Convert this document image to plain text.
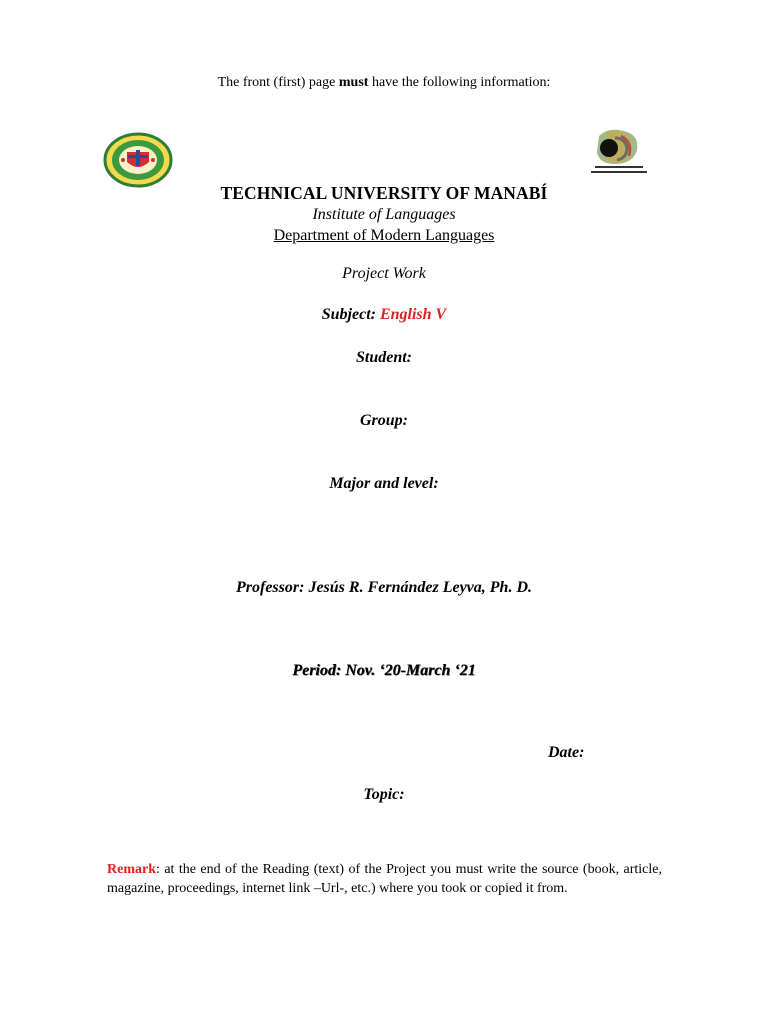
The front (first) page must have the following information:
TECHNICAL UNIVERSITY OF MANABÍ
Institute of Languages
Department of Modern Languages
Project Work
Subject: English V
Student:
Group:
Major and level:
Professor: Jesús R. Fernández Leyva, Ph. D.
Period: Nov. ‘20-March ‘21
Date:
Topic:
Remark: at the end of the Reading (text) of the Project you must write the source (book, article, magazine, proceedings, internet link –Url-, etc.) where you took or copied it from.
